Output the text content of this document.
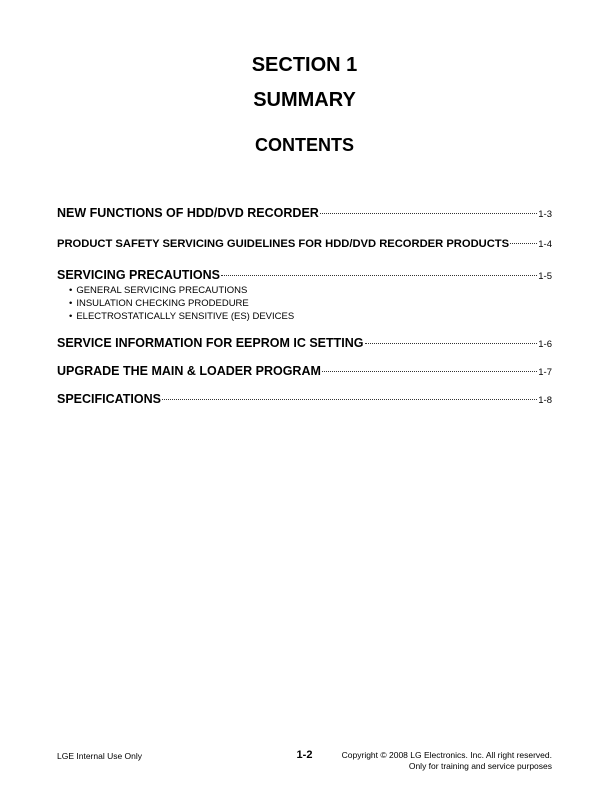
SECTION 1
SUMMARY
CONTENTS
NEW FUNCTIONS OF HDD/DVD RECORDER	1-3
PRODUCT SAFETY SERVICING GUIDELINES FOR HDD/DVD RECORDER PRODUCTS	1-4
SERVICING PRECAUTIONS	1-5
• GENERAL SERVICING PRECAUTIONS
• INSULATION CHECKING PRODEDURE
• ELECTROSTATICALLY SENSITIVE (ES) DEVICES
SERVICE INFORMATION FOR EEPROM IC SETTING	1-6
UPGRADE THE MAIN & LOADER PROGRAM	1-7
SPECIFICATIONS	1-8
LGE Internal Use Only	1-2	Copyright © 2008 LG Electronics. Inc. All right reserved.
Only for training and service purposes
